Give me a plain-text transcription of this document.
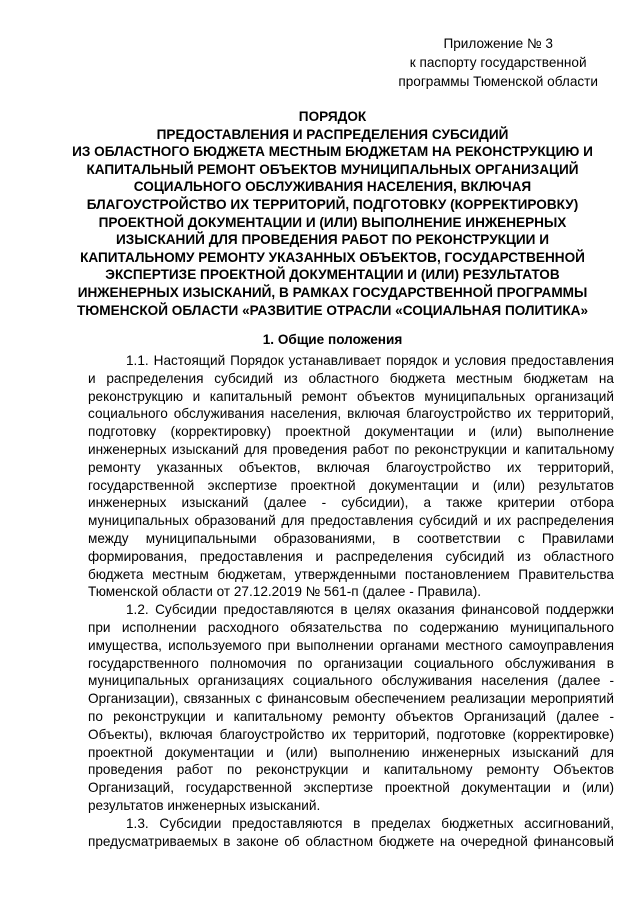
Приложение № 3
к паспорту государственной
программы Тюменской области
ПОРЯДОК
ПРЕДОСТАВЛЕНИЯ И РАСПРЕДЕЛЕНИЯ СУБСИДИЙ
ИЗ ОБЛАСТНОГО БЮДЖЕТА МЕСТНЫМ БЮДЖЕТАМ НА РЕКОНСТРУКЦИЮ И
КАПИТАЛЬНЫЙ РЕМОНТ ОБЪЕКТОВ МУНИЦИПАЛЬНЫХ ОРГАНИЗАЦИЙ
СОЦИАЛЬНОГО ОБСЛУЖИВАНИЯ НАСЕЛЕНИЯ, ВКЛЮЧАЯ
БЛАГОУСТРОЙСТВО ИХ ТЕРРИТОРИЙ, ПОДГОТОВКУ (КОРРЕКТИРОВКУ)
ПРОЕКТНОЙ ДОКУМЕНТАЦИИ И (ИЛИ) ВЫПОЛНЕНИЕ ИНЖЕНЕРНЫХ
ИЗЫСКАНИЙ ДЛЯ ПРОВЕДЕНИЯ РАБОТ ПО РЕКОНСТРУКЦИИ И
КАПИТАЛЬНОМУ РЕМОНТУ УКАЗАННЫХ ОБЪЕКТОВ, ГОСУДАРСТВЕННОЙ
ЭКСПЕРТИЗЕ ПРОЕКТНОЙ ДОКУМЕНТАЦИИ И (ИЛИ) РЕЗУЛЬТАТОВ
ИНЖЕНЕРНЫХ ИЗЫСКАНИЙ, В РАМКАХ ГОСУДАРСТВЕННОЙ ПРОГРАММЫ
ТЮМЕНСКОЙ ОБЛАСТИ «РАЗВИТИЕ ОТРАСЛИ «СОЦИАЛЬНАЯ ПОЛИТИКА»
1. Общие положения
1.1. Настоящий Порядок устанавливает порядок и условия предоставления
и распределения субсидий из областного бюджета местным бюджетам на
реконструкцию и капитальный ремонт объектов муниципальных организаций
социального обслуживания населения, включая благоустройство их территорий,
подготовку (корректировку) проектной документации и (или) выполнение
инженерных изысканий для проведения работ по реконструкции и капитальному
ремонту указанных объектов, включая благоустройство их территорий,
государственной экспертизе проектной документации и (или) результатов
инженерных изысканий (далее - субсидии), а также критерии отбора
муниципальных образований для предоставления субсидий и их распределения
между муниципальными образованиями, в соответствии с Правилами
формирования, предоставления и распределения субсидий из областного
бюджета местным бюджетам, утвержденными постановлением Правительства
Тюменской области от 27.12.2019 № 561-п (далее - Правила).
1.2. Субсидии предоставляются в целях оказания финансовой поддержки
при исполнении расходного обязательства по содержанию муниципального
имущества, используемого при выполнении органами местного самоуправления
государственного полномочия по организации социального обслуживания в
муниципальных организациях социального обслуживания населения (далее -
Организации), связанных с финансовым обеспечением реализации мероприятий
по реконструкции и капитальному ремонту объектов Организаций (далее -
Объекты), включая благоустройство их территорий, подготовке (корректировке)
проектной документации и (или) выполнению инженерных изысканий для
проведения работ по реконструкции и капитальному ремонту Объектов
Организаций, государственной экспертизе проектной документации и (или)
результатов инженерных изысканий.
1.3. Субсидии предоставляются в пределах бюджетных ассигнований,
предусматриваемых в законе об областном бюджете на очередной финансовый
